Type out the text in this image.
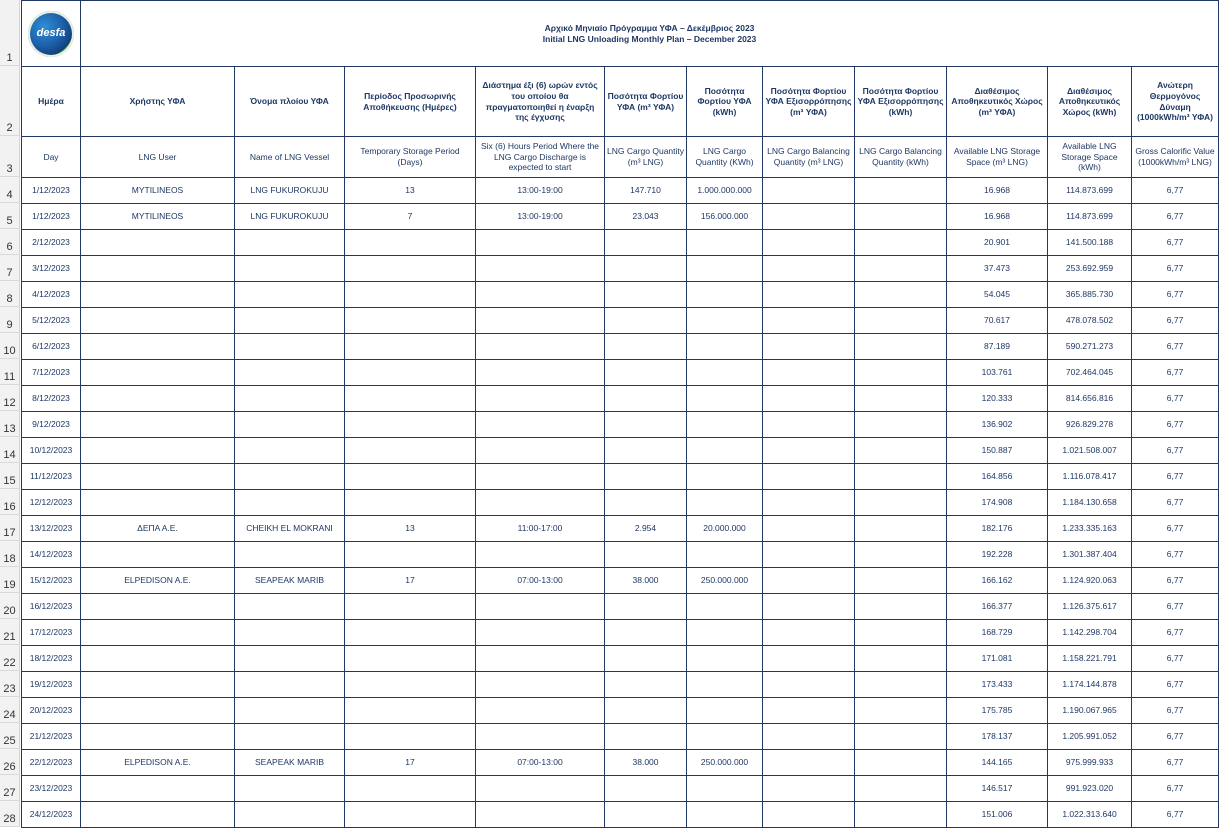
1
2
3
4
5
6
7
8
9
10
11
12
13
14
15
16
17
18
19
20
21
22
23
24
25
26
27
28
desfa	Αρχικό Μηνιαίο Πρόγραμμα ΥΦΑ – Δεκέμβριος 2023
Initial LNG Unloading Monthly Plan – December 2023										

Ημέρα	Χρήστης ΥΦΑ	Όνομα πλοίου ΥΦΑ	Περίοδος Προσωρινής Αποθήκευσης (Ημέρες)	Διάστημα έξι (6) ωρών εντός του οποίου θα πραγματοποιηθεί η έναρξη της έγχυσης	Ποσότητα Φορτίου ΥΦΑ (m³ ΥΦΑ)	Ποσότητα Φορτίου ΥΦΑ (kWh)	Ποσότητα Φορτίου ΥΦΑ Εξισορρόπησης (m³ ΥΦΑ)	Ποσότητα Φορτίου ΥΦΑ Εξισορρόπησης (kWh)	Διαθέσιμος Αποθηκευτικός Χώρος (m³ ΥΦΑ)	Διαθέσιμος Αποθηκευτικός Χώρος (kWh)	Ανώτερη Θερμογόνος Δύναμη (1000kWh/m³ ΥΦΑ)
Day	LNG User	Name of LNG Vessel	Temporary Storage Period (Days)	Six (6) Hours Period Where the LNG Cargo Discharge is expected to start	LNG Cargo Quantity (m³ LNG)	LNG Cargo Quantity (KWh)	LNG Cargo Balancing Quantity (m³ LNG)	LNG Cargo Balancing Quantity (kWh)	Available LNG Storage Space (m³ LNG)	Available LNG Storage Space (kWh)	Gross Calorific Value (1000kWh/m³ LNG)
1/12/2023	MYTILINEOS	LNG FUKUROKUJU	13	13:00-19:00	147.710	1.000.000.000			16.968	114.873.699	6,77
1/12/2023	MYTILINEOS	LNG FUKUROKUJU	7	13:00-19:00	23.043	156.000.000			16.968	114.873.699	6,77
2/12/2023									20.901	141.500.188	6,77
3/12/2023									37.473	253.692.959	6,77
4/12/2023									54.045	365.885.730	6,77
5/12/2023									70.617	478.078.502	6,77
6/12/2023									87.189	590.271.273	6,77
7/12/2023									103.761	702.464.045	6,77
8/12/2023									120.333	814.656.816	6,77
9/12/2023									136.902	926.829.278	6,77
10/12/2023									150.887	1.021.508.007	6,77
11/12/2023									164.856	1.116.078.417	6,77
12/12/2023									174.908	1.184.130.658	6,77
13/12/2023	ΔΕΠΑ Α.Ε.	CHEIKH EL MOKRANI	13	11:00-17:00	2.954	20.000.000			182.176	1.233.335.163	6,77
14/12/2023									192.228	1.301.387.404	6,77
15/12/2023	ELPEDISON A.E.	SEAPEAK MARIB	17	07:00-13:00	38.000	250.000.000			166.162	1.124.920.063	6,77
16/12/2023									166.377	1.126.375.617	6,77
17/12/2023									168.729	1.142.298.704	6,77
18/12/2023									171.081	1.158.221.791	6,77
19/12/2023									173.433	1.174.144.878	6,77
20/12/2023									175.785	1.190.067.965	6,77
21/12/2023									178.137	1.205.991.052	6,77
22/12/2023	ELPEDISON A.E.	SEAPEAK MARIB	17	07:00-13:00	38.000	250.000.000			144.165	975.999.933	6,77
23/12/2023									146.517	991.923.020	6,77
24/12/2023									151.006	1.022.313.640	6,77
